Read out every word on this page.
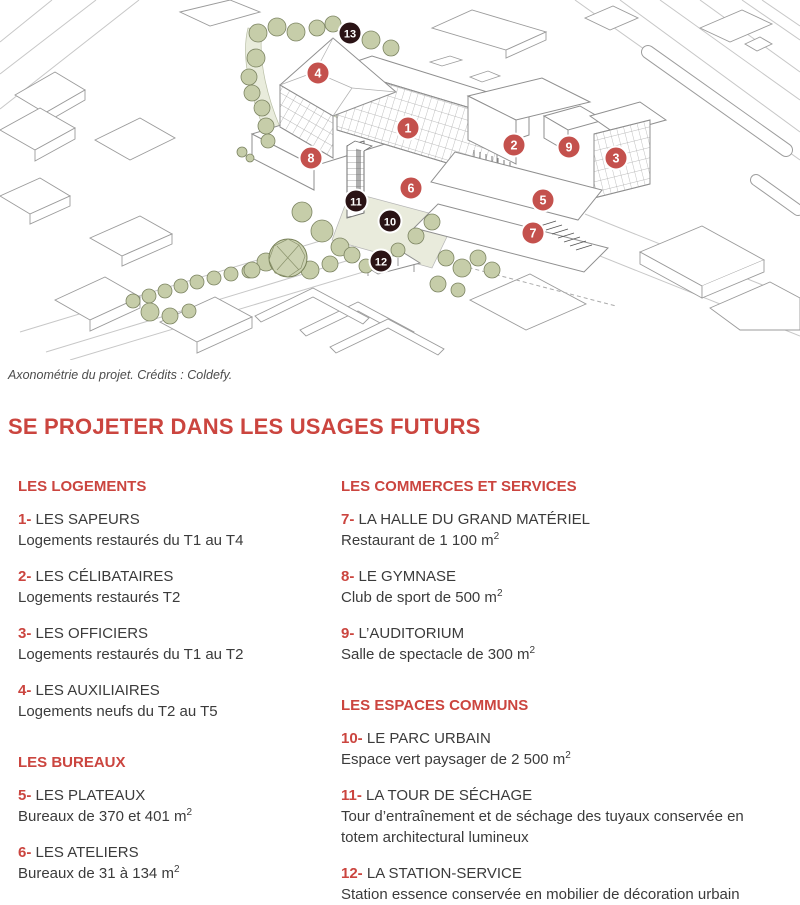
1
2
3
4
5
6
7
8
9
10
11
12
13
Axonométrie du projet. Crédits : Coldefy.
SE PROJETER DANS LES USAGES FUTURS
LES LOGEMENTS
1- LES SAPEURS
Logements restaurés du T1 au T4
2- LES CÉLIBATAIRES
Logements restaurés T2
3- LES OFFICIERS
Logements restaurés du T1 au T2
4- LES AUXILIAIRES
Logements neufs du T2 au T5
LES BUREAUX
5- LES PLATEAUX
Bureaux de 370 et 401 $m^2$
6- LES ATELIERS
Bureaux de 31 à 134 $m^2$
LES COMMERCES ET SERVICES
7- LA HALLE DU GRAND MATÉRIEL
Restaurant de 1 100 $m^2$
8- LE GYMNASE
Club de sport de 500 $m^2$
9- L’AUDITORIUM
Salle de spectacle de 300 $m^2$
LES ESPACES COMMUNS
10- LE PARC URBAIN
Espace vert paysager de 2 500 $m^2$
11- LA TOUR DE SÉCHAGE
Tour d’entraînement et de séchage des tuyaux conservée en totem architectural lumineux
12- LA STATION-SERVICE
Station essence conservée en mobilier de décoration urbain
